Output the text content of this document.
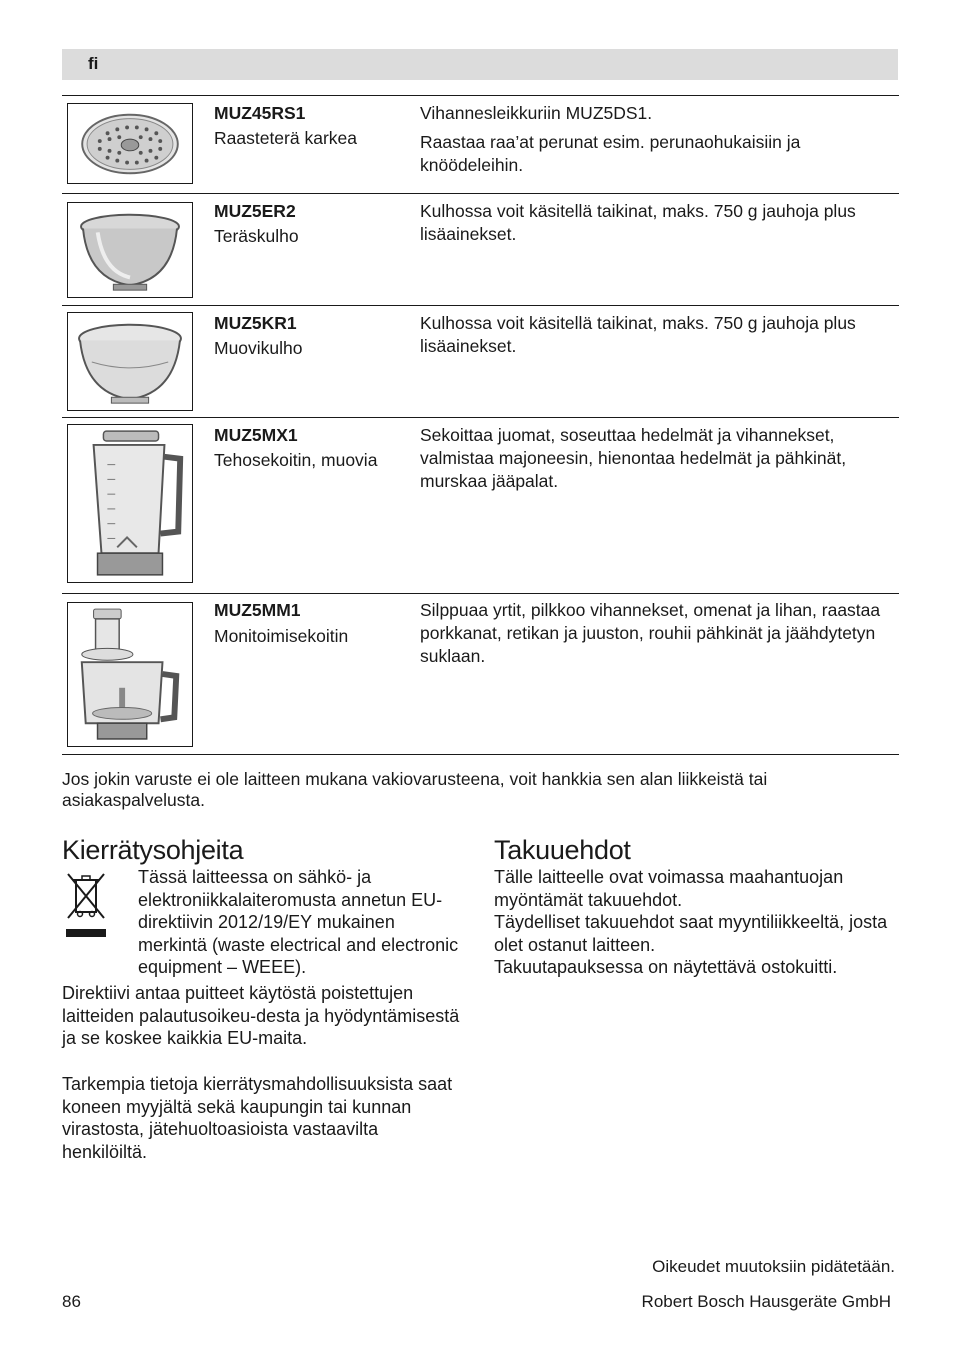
fi
MUZ45RS1
Raasteterä karkea

Vihannesleikkuriin MUZ5DS1.

Raastaa raa’at perunat esim. perunaohukaisiin ja knöödeleihin.

MUZ5ER2
Teräskulho

Kulhossa voit käsitellä taikinat, maks. 750 g jauhoja plus lisäainekset.

MUZ5KR1
Muovikulho

Kulhossa voit käsitellä taikinat, maks. 750 g jauhoja plus lisäainekset.

MUZ5MX1
Tehosekoitin, muovia

Sekoittaa juomat, soseuttaa hedelmät ja vihannekset, valmistaa majoneesin, hienontaa hedelmät ja pähkinät, murskaa jääpalat.

MUZ5MM1
Monitoimisekoitin

Silppuaa yrtit, pilkkoo vihannekset, omenat ja lihan, raastaa porkkanat, retikan ja juuston, rouhii pähkinät ja jäähdytetyn suklaan.

Jos jokin varuste ei ole laitteen mukana vakiovarusteena, voit hankkia sen alan liikkeistä tai asiakaspalvelusta.
Kierrätysohjeita
Tässä laitteessa on sähkö- ja elektroniikkalaiteromusta annetun EU-direktiivin 2012/19/EY mukainen merkintä (waste electrical and electronic equipment – WEEE).
Direktiivi antaa puitteet käytöstä poistettujen laitteiden palautusoikeu-desta ja hyödyntämisestä ja se koskee kaikkia EU-maita.
Tarkempia tietoja kierrätysmahdollisuuksista saat koneen myyjältä sekä kaupungin tai kunnan virastosta, jätehuoltoasioista vastaavilta henkilöiltä.
Takuuehdot
Tälle laitteelle ovat voimassa maahantuojan myöntämät takuuehdot.
Täydelliset takuuehdot saat myyntiliikkeeltä, josta olet ostanut laitteen.
Takuutapauksessa on näytettävä ostokuitti.
Oikeudet muutoksiin pidätetään.
86	Robert Bosch Hausgeräte GmbH
